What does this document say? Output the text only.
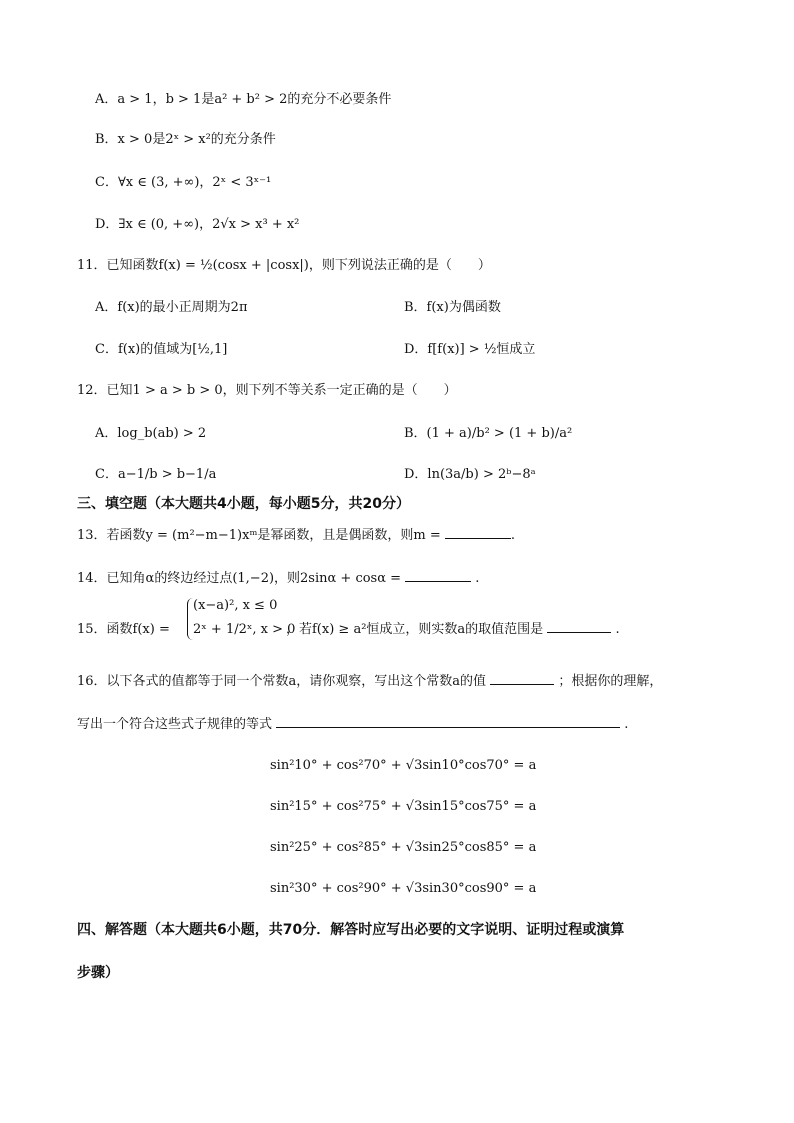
A．a > 1，b > 1是a² + b² > 2的充分不必要条件
B．x > 0是2ˣ > x²的充分条件
C．∀x ∈ (3, +∞)，2ˣ < 3ˣ⁻¹
D．∃x ∈ (0, +∞)，2√x > x³ + x²
11．已知函数f(x) = ½(cosx + |cosx|)，则下列说法正确的是（　　）
A．f(x)的最小正周期为2π	B．f(x)为偶函数
C．f(x)的值域为[½,1]	D．f[f(x)] > ½恒成立
12．已知1 > a > b > 0，则下列不等关系一定正确的是（　　）
A．log_b(ab) > 2	B．(1 + a)/b² > (1 + b)/a²
C．a−1/b > b−1/a	D．ln(3a/b) > 2ᵇ−8ᵃ
三、填空题（本大题共4小题，每小题5分，共20分）
13．若函数y = (m²−m−1)xᵐ是幂函数，且是偶函数，则m =	.
14．已知角α的终边经过点(1,−2)，则2sinα + cosα =	.
15．函数f(x) =
(x−a)², x ≤ 0
2ˣ + 1/2ˣ, x > 0
，若f(x) ≥ a²恒成立，则实数a的取值范围是	.
16．以下各式的值都等于同一个常数a，请你观察，写出这个常数a的值	；根据你的理解，
写出一个符合这些式子规律的等式	.
sin²10° + cos²70° + √3sin10°cos70° = a
sin²15° + cos²75° + √3sin15°cos75° = a
sin²25° + cos²85° + √3sin25°cos85° = a
sin²30° + cos²90° + √3sin30°cos90° = a
四、解答题（本大题共6小题，共70分．解答时应写出必要的文字说明、证明过程或演算
步骤）
